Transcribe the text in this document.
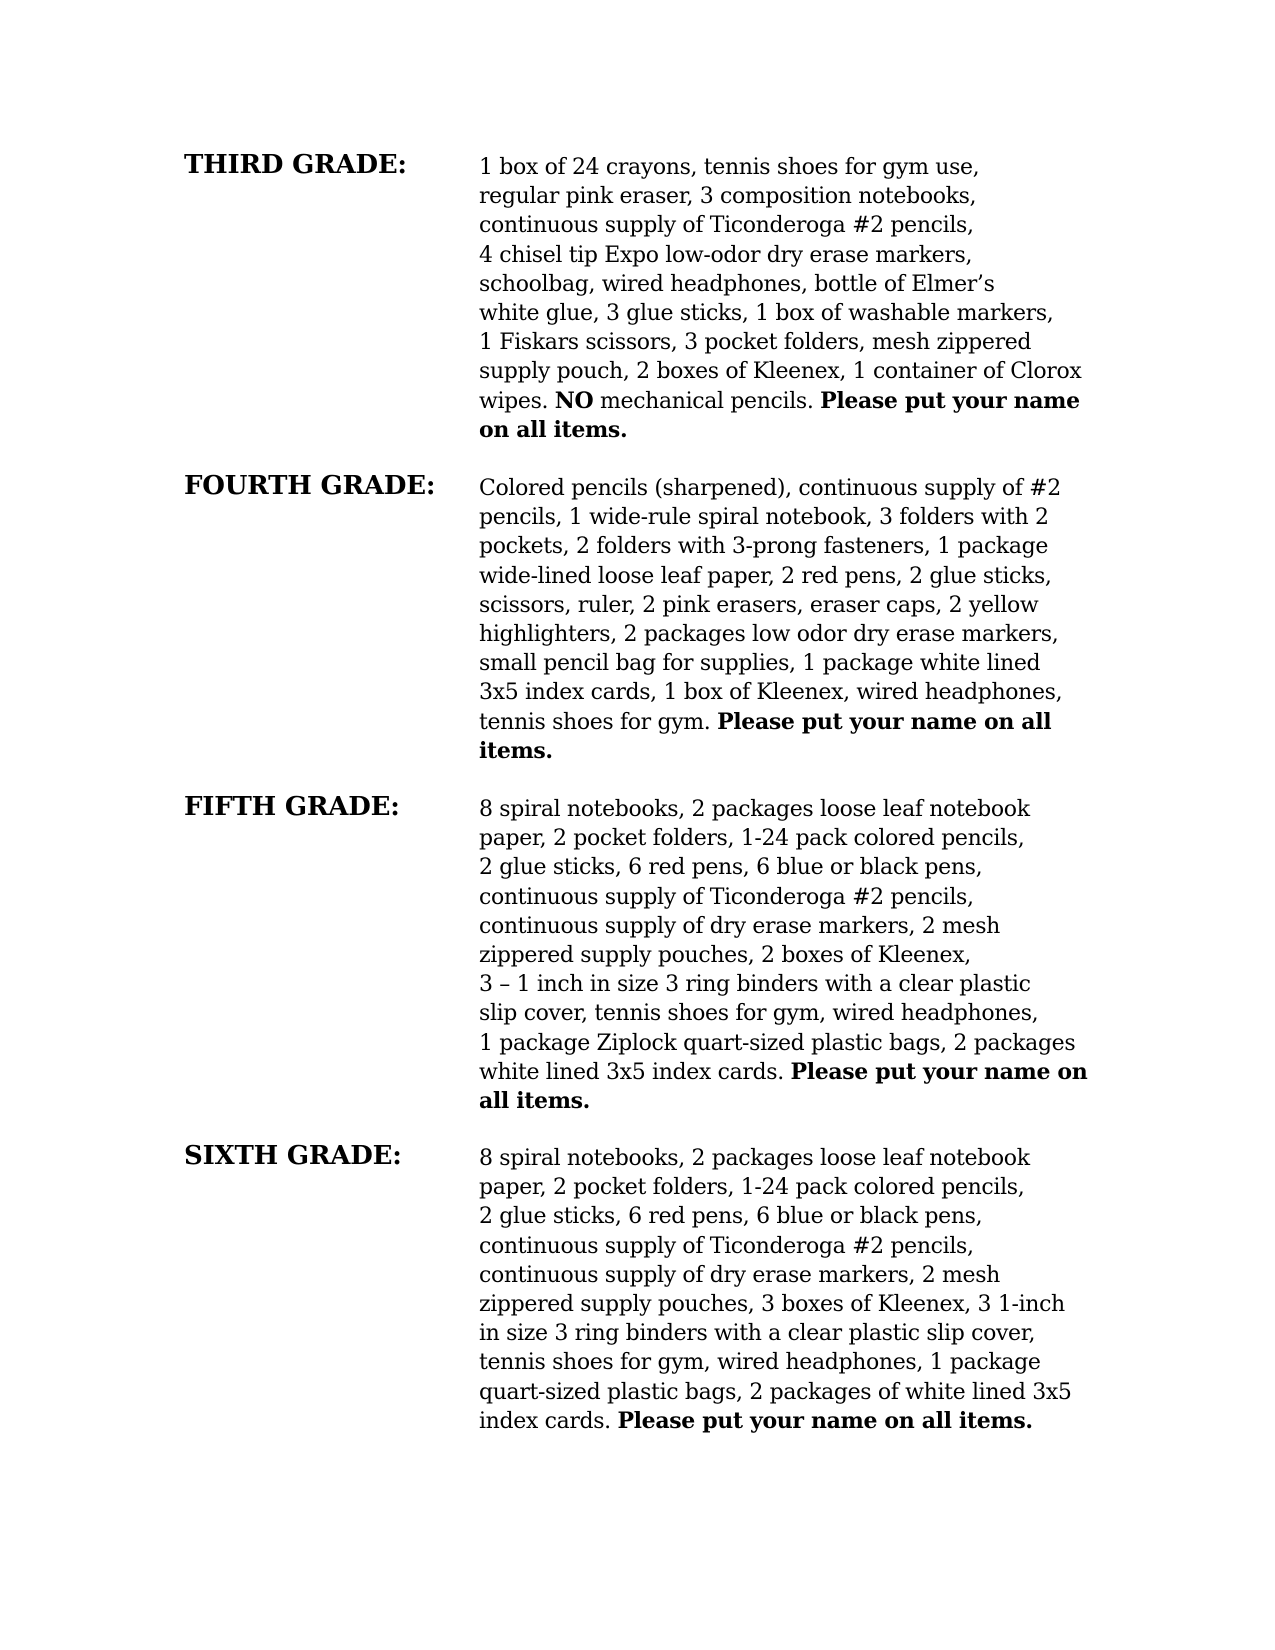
THIRD GRADE:	1 box of 24 crayons, tennis shoes for gym use,
regular pink eraser, 3 composition notebooks,
continuous supply of Ticonderoga #2 pencils,
4 chisel tip Expo low-odor dry erase markers,
schoolbag, wired headphones, bottle of Elmer’s
white glue, 3 glue sticks, 1 box of washable markers,
1 Fiskars scissors, 3 pocket folders, mesh zippered
supply pouch, 2 boxes of Kleenex, 1 container of Clorox
wipes. NO mechanical pencils. Please put your name
on all items.
FOURTH GRADE: Colored pencils (sharpened), continuous supply of #2
pencils, 1 wide-rule spiral notebook, 3 folders with 2
pockets, 2 folders with 3-prong fasteners, 1 package
wide-lined loose leaf paper, 2 red pens, 2 glue sticks,
scissors, ruler, 2 pink erasers, eraser caps, 2 yellow
highlighters, 2 packages low odor dry erase markers,
small pencil bag for supplies, 1 package white lined
3x5 index cards, 1 box of Kleenex, wired headphones,
tennis shoes for gym. Please put your name on all
items.
FIFTH GRADE:	8 spiral notebooks, 2 packages loose leaf notebook
paper, 2 pocket folders, 1-24 pack colored pencils,
2 glue sticks, 6 red pens, 6 blue or black pens,
continuous supply of Ticonderoga #2 pencils,
continuous supply of dry erase markers, 2 mesh
zippered supply pouches, 2 boxes of Kleenex,
3 – 1 inch in size 3 ring binders with a clear plastic
slip cover, tennis shoes for gym, wired headphones,
1 package Ziplock quart-sized plastic bags, 2 packages
white lined 3x5 index cards. Please put your name on
all items.
SIXTH GRADE:	8 spiral notebooks, 2 packages loose leaf notebook
paper, 2 pocket folders, 1-24 pack colored pencils,
2 glue sticks, 6 red pens, 6 blue or black pens,
continuous supply of Ticonderoga #2 pencils,
continuous supply of dry erase markers, 2 mesh
zippered supply pouches, 3 boxes of Kleenex, 3 1-inch
in size 3 ring binders with a clear plastic slip cover,
tennis shoes for gym, wired headphones, 1 package
quart-sized plastic bags, 2 packages of white lined 3x5
index cards. Please put your name on all items.
